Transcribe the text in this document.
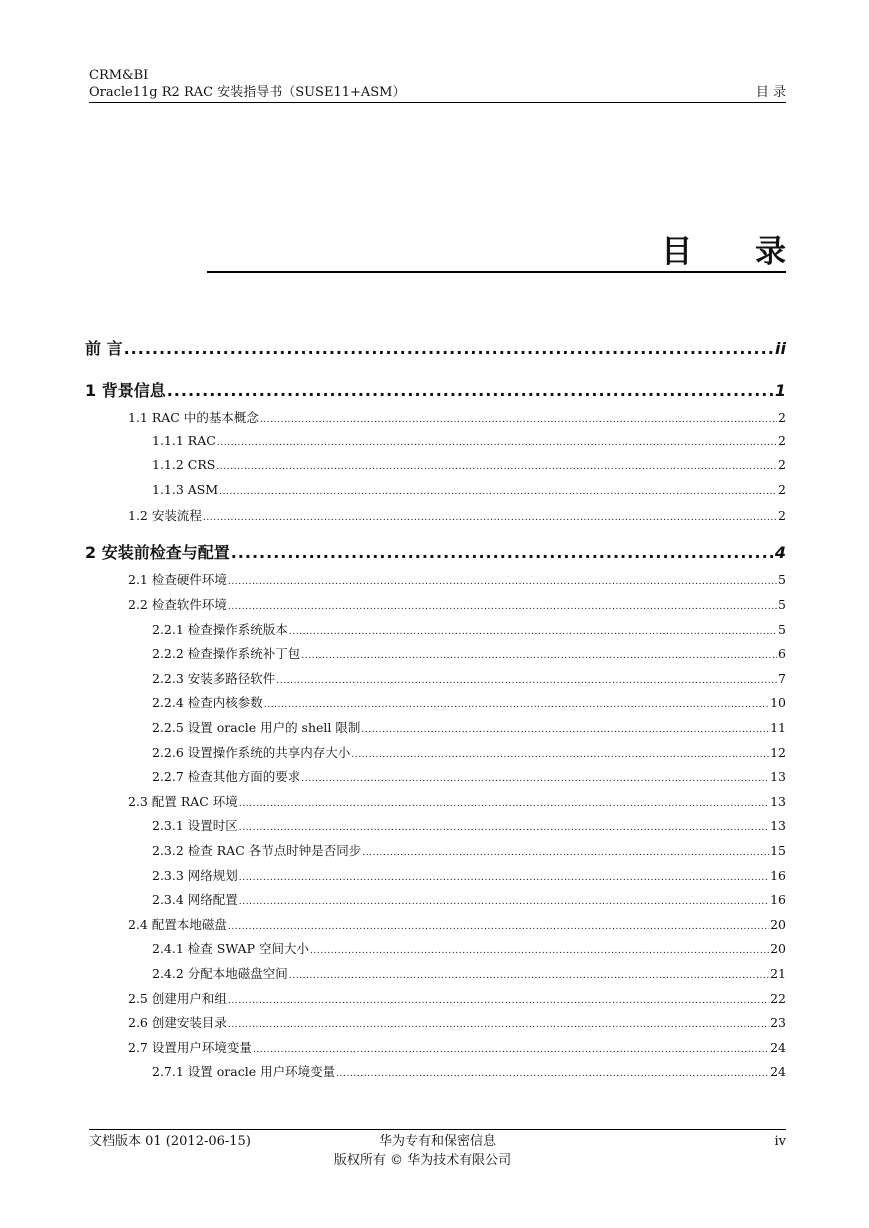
CRM&BI
Oracle11g R2 RAC 安装指导书（SUSE11+ASM）	目 录
目 录
前 言 .....	ii
1 背景信息 .....	1
1.1 RAC 中的基本概念 .....	2
1.1.1 RAC .....	2
1.1.2 CRS .....	2
1.1.3 ASM .....	2
1.2 安装流程 .....	2
2 安装前检查与配置 .....	4
2.1 检查硬件环境 .....	5
2.2 检查软件环境 .....	5
2.2.1 检查操作系统版本 .....	5
2.2.2 检查操作系统补丁包 .....	6
2.2.3 安装多路径软件 .....	7
2.2.4 检查内核参数 .....	10
2.2.5 设置 oracle 用户的 shell 限制 .....	11
2.2.6 设置操作系统的共享内存大小 .....	12
2.2.7 检查其他方面的要求 .....	13
2.3 配置 RAC 环境 .....	13
2.3.1 设置时区 .....	13
2.3.2 检查 RAC 各节点时钟是否同步 .....	15
2.3.3 网络规划 .....	16
2.3.4 网络配置 .....	16
2.4 配置本地磁盘 .....	20
2.4.1 检查 SWAP 空间大小 .....	20
2.4.2 分配本地磁盘空间 .....	21
2.5 创建用户和组 .....	22
2.6 创建安装目录 .....	23
2.7 设置用户环境变量 .....	24
2.7.1 设置 oracle 用户环境变量 .....	24
文档版本 01 (2012-06-15)	华为专有和保密信息	iv
版权所有 © 华为技术有限公司
